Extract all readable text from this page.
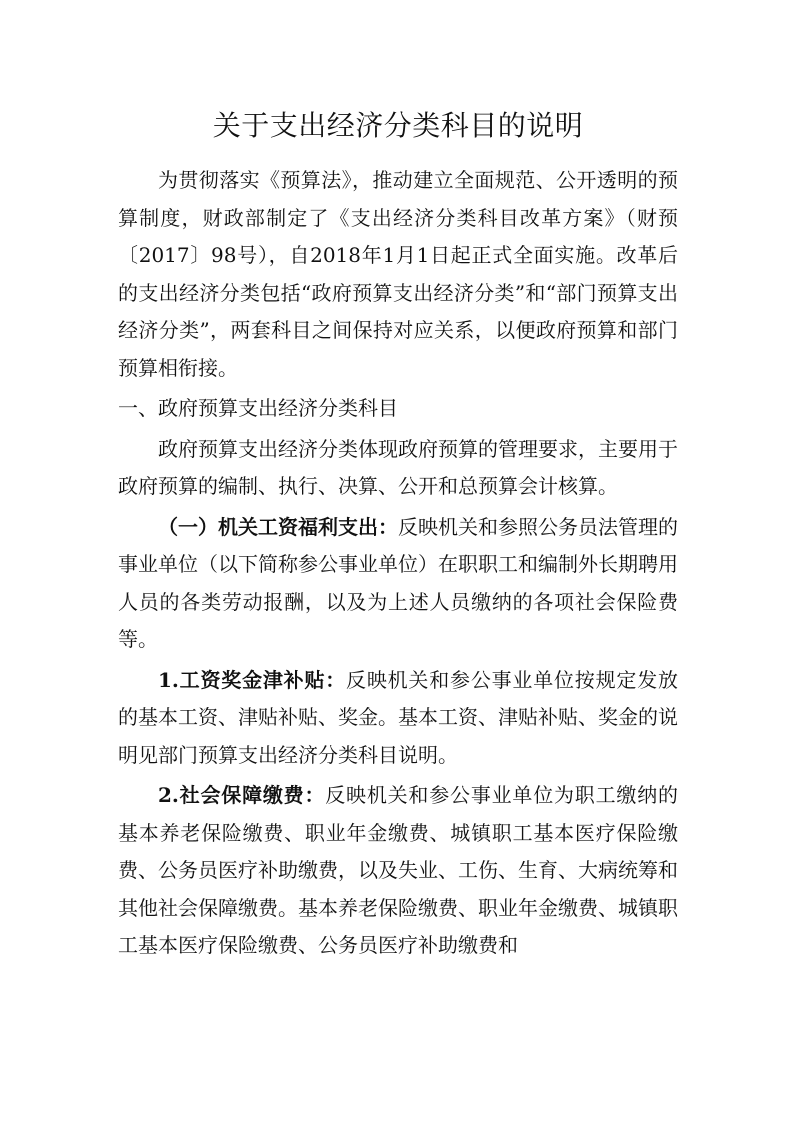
关于支出经济分类科目的说明

为贯彻落实《预算法》，推动建立全面规范、公开透明的预算制度，财政部制定了《支出经济分类科目改革方案》（财预〔2017〕98号），自2018年1月1日起正式全面实施。改革后的支出经济分类包括“政府预算支出经济分类”和“部门预算支出经济分类”，两套科目之间保持对应关系，以便政府预算和部门预算相衔接。

一、政府预算支出经济分类科目

政府预算支出经济分类体现政府预算的管理要求，主要用于政府预算的编制、执行、决算、公开和总预算会计核算。

（一）机关工资福利支出：反映机关和参照公务员法管理的事业单位（以下简称参公事业单位）在职职工和编制外长期聘用人员的各类劳动报酬，以及为上述人员缴纳的各项社会保险费等。

1.工资奖金津补贴：反映机关和参公事业单位按规定发放的基本工资、津贴补贴、奖金。基本工资、津贴补贴、奖金的说明见部门预算支出经济分类科目说明。

2.社会保障缴费：反映机关和参公事业单位为职工缴纳的基本养老保险缴费、职业年金缴费、城镇职工基本医疗保险缴费、公务员医疗补助缴费，以及失业、工伤、生育、大病统筹和其他社会保障缴费。基本养老保险缴费、职业年金缴费、城镇职工基本医疗保险缴费、公务员医疗补助缴费和
